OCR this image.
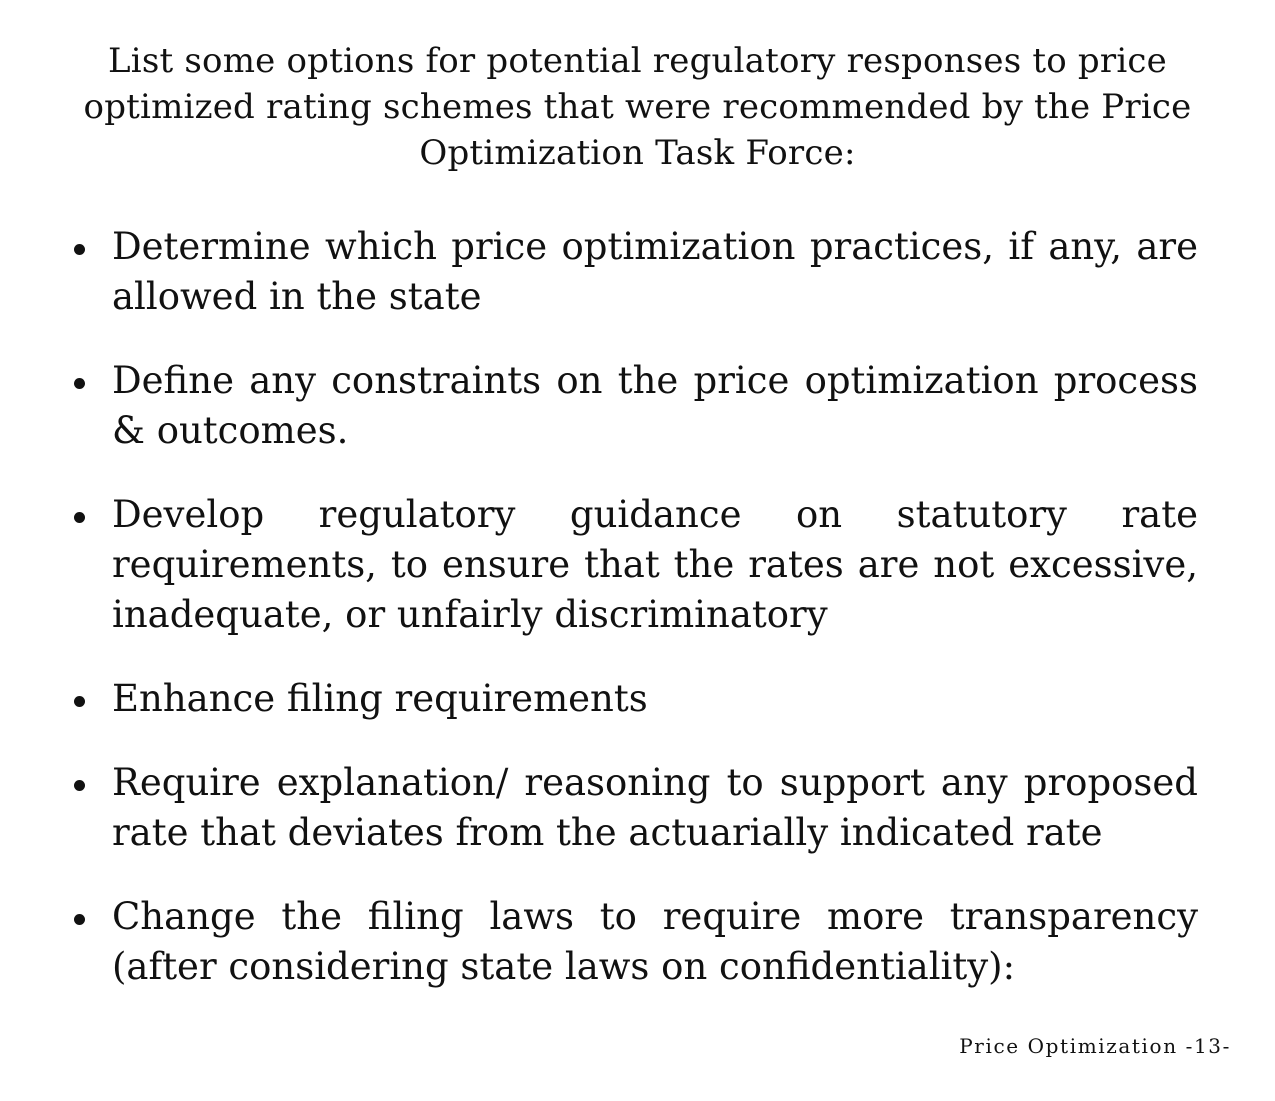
List some options for potential regulatory responses to price optimized rating schemes that were recommended by the Price Optimization Task Force:
Determine which price optimization practices, if any, are allowed in the state
Define any constraints on the price optimization process & outcomes.
Develop regulatory guidance on statutory rate requirements, to ensure that the rates are not excessive, inadequate, or unfairly discriminatory
Enhance filing requirements
Require explanation/ reasoning to support any proposed rate that deviates from the actuarially indicated rate
Change the filing laws to require more transparency (after considering state laws on confidentiality):
Price Optimization -13-
